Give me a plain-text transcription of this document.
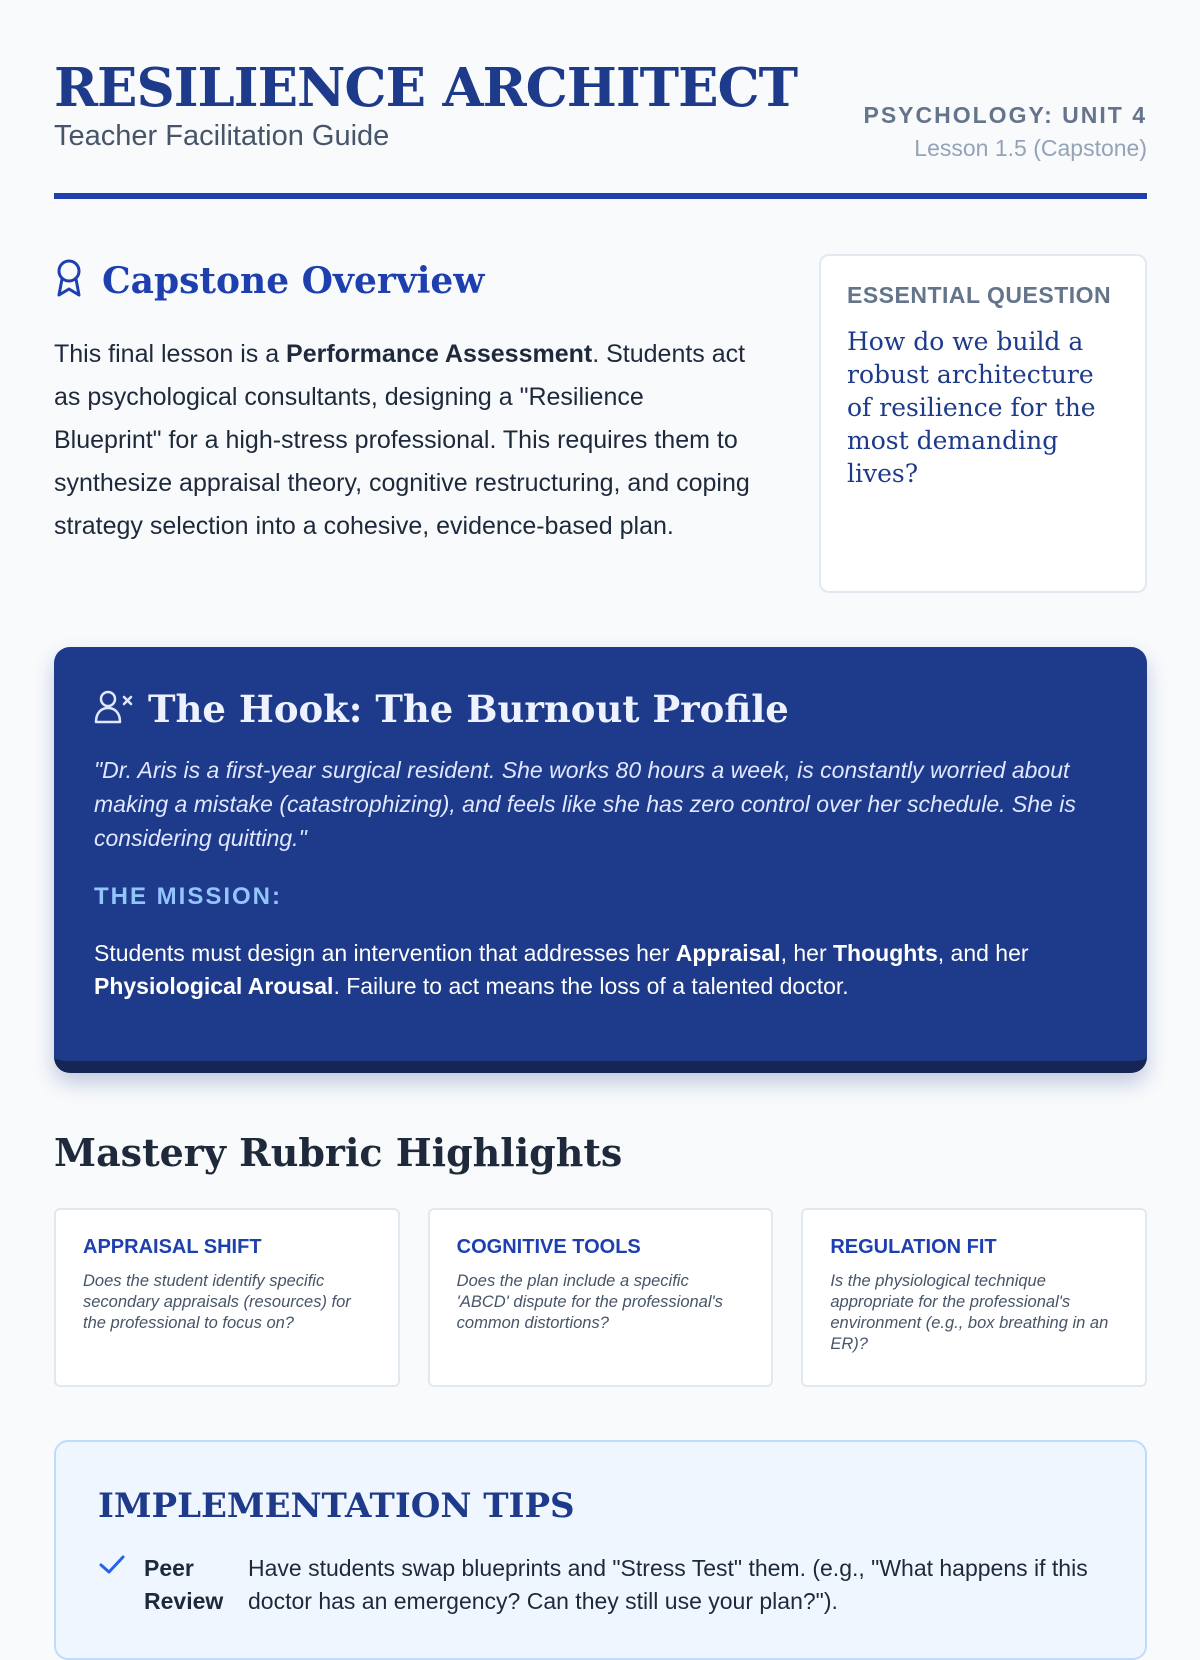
RESILIENCE ARCHITECT
Teacher Facilitation Guide
PSYCHOLOGY: UNIT 4
Lesson 1.5 (Capstone)
Capstone Overview

This final lesson is a Performance Assessment. Students act as psychological consultants, designing a "Resilience Blueprint" for a high-stress professional. This requires them to synthesize appraisal theory, cognitive restructuring, and coping strategy selection into a cohesive, evidence-based plan.

ESSENTIAL QUESTION
How do we build a robust architecture of resilience for the most demanding lives?
The Hook: The Burnout Profile

"Dr. Aris is a first-year surgical resident. She works 80 hours a week, is constantly worried about making a mistake (catastrophizing), and feels like she has zero control over her schedule. She is considering quitting."

THE MISSION:

Students must design an intervention that addresses her Appraisal, her Thoughts, and her Physiological Arousal. Failure to act means the loss of a talented doctor.

Mastery Rubric Highlights
APPRAISAL SHIFT
Does the student identify specific secondary appraisals (resources) for the professional to focus on?
COGNITIVE TOOLS
Does the plan include a specific 'ABCD' dispute for the professional's common distortions?
REGULATION FIT
Is the physiological technique appropriate for the professional's environment (e.g., box breathing in an ER)?
IMPLEMENTATION TIPS
Peer Review
Have students swap blueprints and "Stress Test" them. (e.g., "What happens if this doctor has an emergency? Can they still use your plan?").
